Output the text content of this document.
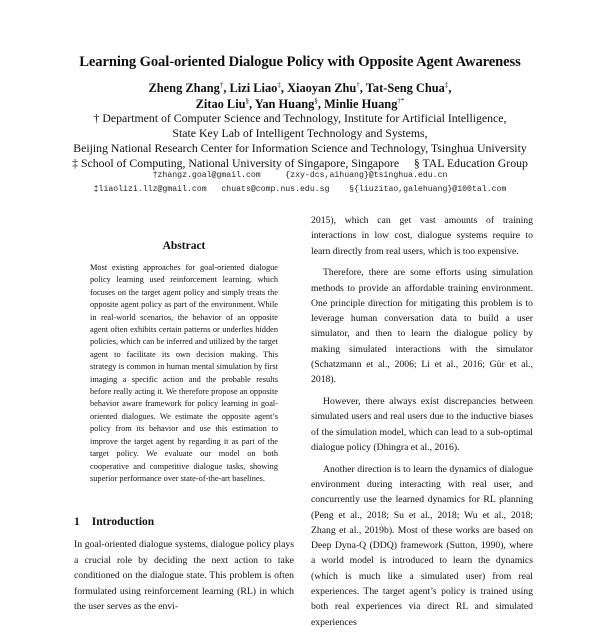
Learning Goal-oriented Dialogue Policy with Opposite Agent Awareness
Zheng Zhang†, Lizi Liao‡, Xiaoyan Zhu†, Tat-Seng Chua‡,
Zitao Liu§, Yan Huang§, Minlie Huang†*
† Department of Computer Science and Technology, Institute for Artificial Intelligence,
State Key Lab of Intelligent Technology and Systems,
Beijing National Research Center for Information Science and Technology, Tsinghua University
‡ School of Computing, National University of Singapore, Singapore     § TAL Education Group
†zhangz.goal@gmail.com     {zxy-dcs,aihuang}@tsinghua.edu.cn
‡liaolizi.llz@gmail.com   chuats@comp.nus.edu.sg    §{liuzitao,galehuang}@100tal.com
Abstract
Most existing approaches for goal-oriented dialogue policy learning used reinforcement learning, which focuses on the target agent policy and simply treats the opposite agent policy as part of the environment. While in real-world scenarios, the behavior of an opposite agent often exhibits certain patterns or underlies hidden policies, which can be inferred and utilized by the target agent to facilitate its own decision making. This strategy is common in human mental simulation by first imaging a specific action and the probable results before really acting it. We therefore propose an opposite behavior aware framework for policy learning in goal-oriented dialogues. We estimate the opposite agent’s policy from its behavior and use this estimation to improve the target agent by regarding it as part of the target policy. We evaluate our model on both cooperative and competitive dialogue tasks, showing superior performance over state-of-the-art baselines.
1 Introduction
In goal-oriented dialogue systems, dialogue policy plays a crucial role by deciding the next action to take conditioned on the dialogue state. This problem is often formulated using reinforcement learning (RL) in which the user serves as the envi-

2015), which can get vast amounts of training interactions in low cost, dialogue systems require to learn directly from real users, which is too expensive.

Therefore, there are some efforts using simulation methods to provide an affordable training environment. One principle direction for mitigating this problem is to leverage human conversation data to build a user simulator, and then to learn the dialogue policy by making simulated interactions with the simulator (Schatzmann et al., 2006; Li et al., 2016; Gür et al., 2018).

However, there always exist discrepancies between simulated users and real users due to the inductive biases of the simulation model, which can lead to a sub-optimal dialogue policy (Dhingra et al., 2016).

Another direction is to learn the dynamics of dialogue environment during interacting with real user, and concurrently use the learned dynamics for RL planning (Peng et al., 2018; Su et al., 2018; Wu et al., 2018; Zhang et al., 2019b). Most of these works are based on Deep Dyna-Q (DDQ) framework (Sutton, 1990), where a world model is introduced to learn the dynamics (which is much like a simulated user) from real experiences. The target agent’s policy is trained using both real experiences via direct RL and simulated experiences
